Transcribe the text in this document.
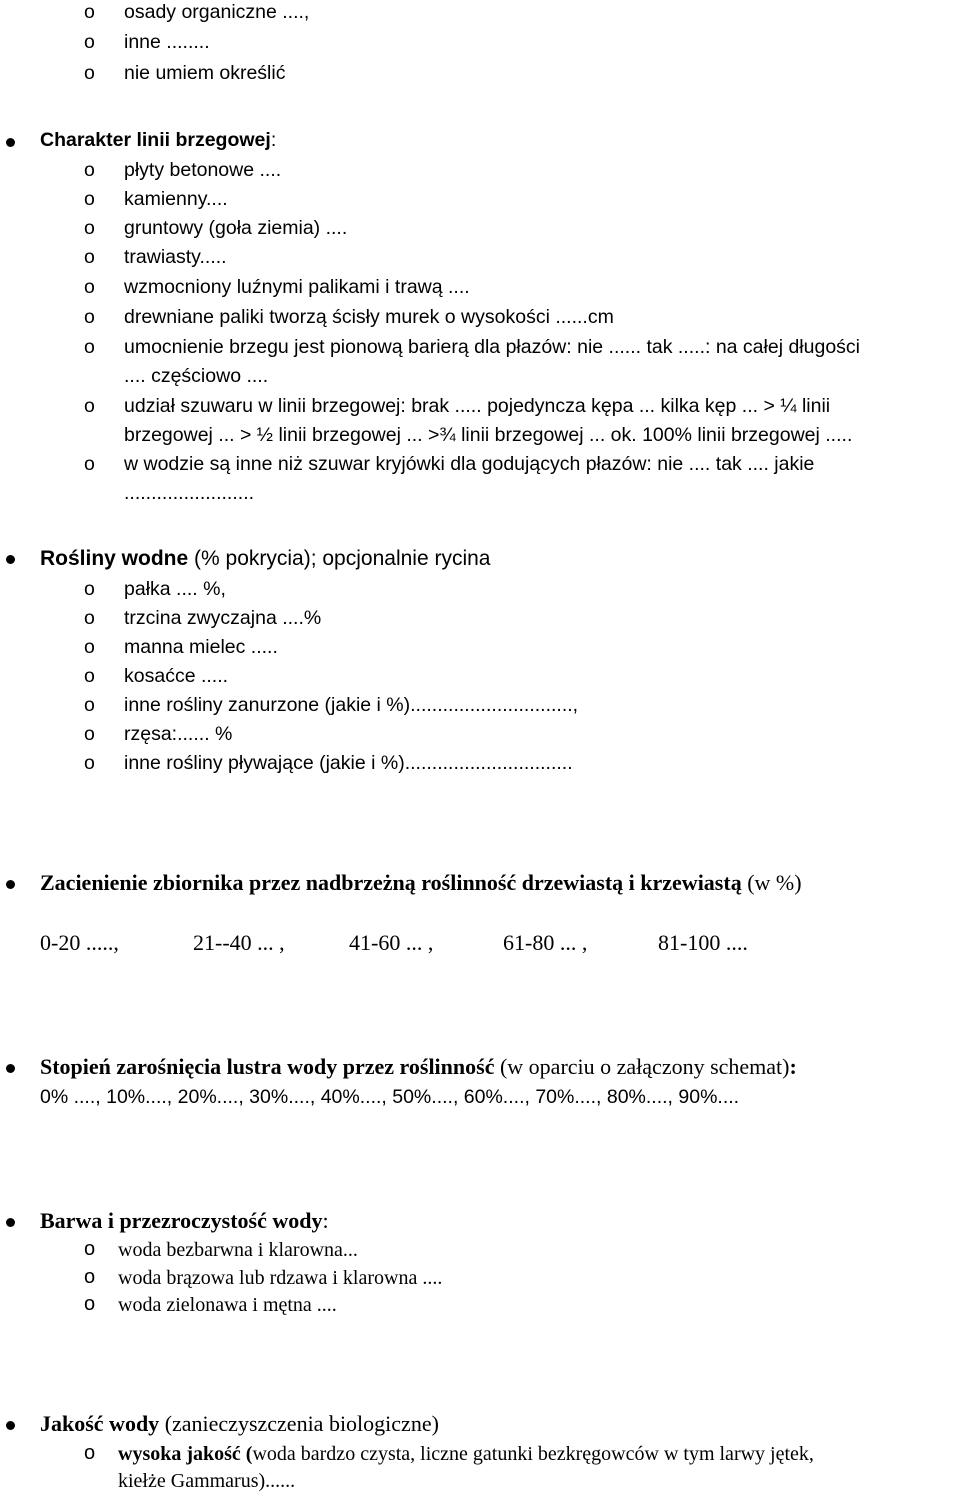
o osady organiczne ....,
o inne ........
o nie umiem określić
Charakter linii brzegowej:
o płyty betonowe ....
o kamienny....
o gruntowy (goła ziemia) ....
o trawiasty.....
o wzmocniony luźnymi palikami i trawą ....
o drewniane paliki tworzą ścisły murek o wysokości ......cm
o umocnienie brzegu jest pionową barierą dla płazów: nie ...... tak .....: na całej długości
.... częściowo ....
o udział szuwaru w linii brzegowej: brak ..... pojedyncza kępa ... kilka kęp ... > ¼ linii
brzegowej ... > ½ linii brzegowej ... >¾ linii brzegowej ... ok. 100% linii brzegowej .....
o w wodzie są inne niż szuwar kryjówki dla godujących płazów: nie .... tak .... jakie
........................
Rośliny wodne (% pokrycia); opcjonalnie rycina
o pałka .... %,
o trzcina zwyczajna ....%
o manna mielec .....
o kosaćce .....
o inne rośliny zanurzone (jakie i %)..............................,
o rzęsa:...... %
o inne rośliny pływające (jakie i %)...............................
Zacienienie zbiornika przez nadbrzeżną roślinność drzewiastą i krzewiastą (w %)
0-20 .....,	21--40 ... ,	41-60 ... ,	61-80 ... ,	81-100 ....
Stopień zarośnięcia lustra wody przez roślinność (w oparciu o załączony schemat):
0% ...., 10%...., 20%...., 30%...., 40%...., 50%...., 60%...., 70%...., 80%...., 90%....
Barwa i przezroczystość wody:
o woda bezbarwna i klarowna...
o woda brązowa lub rdzawa i klarowna ....
o woda zielonawa i mętna ....
Jakość wody (zanieczyszczenia biologiczne)
o wysoka jakość (woda bardzo czysta, liczne gatunki bezkręgowców w tym larwy jętek,
kiełże Gammarus)......
